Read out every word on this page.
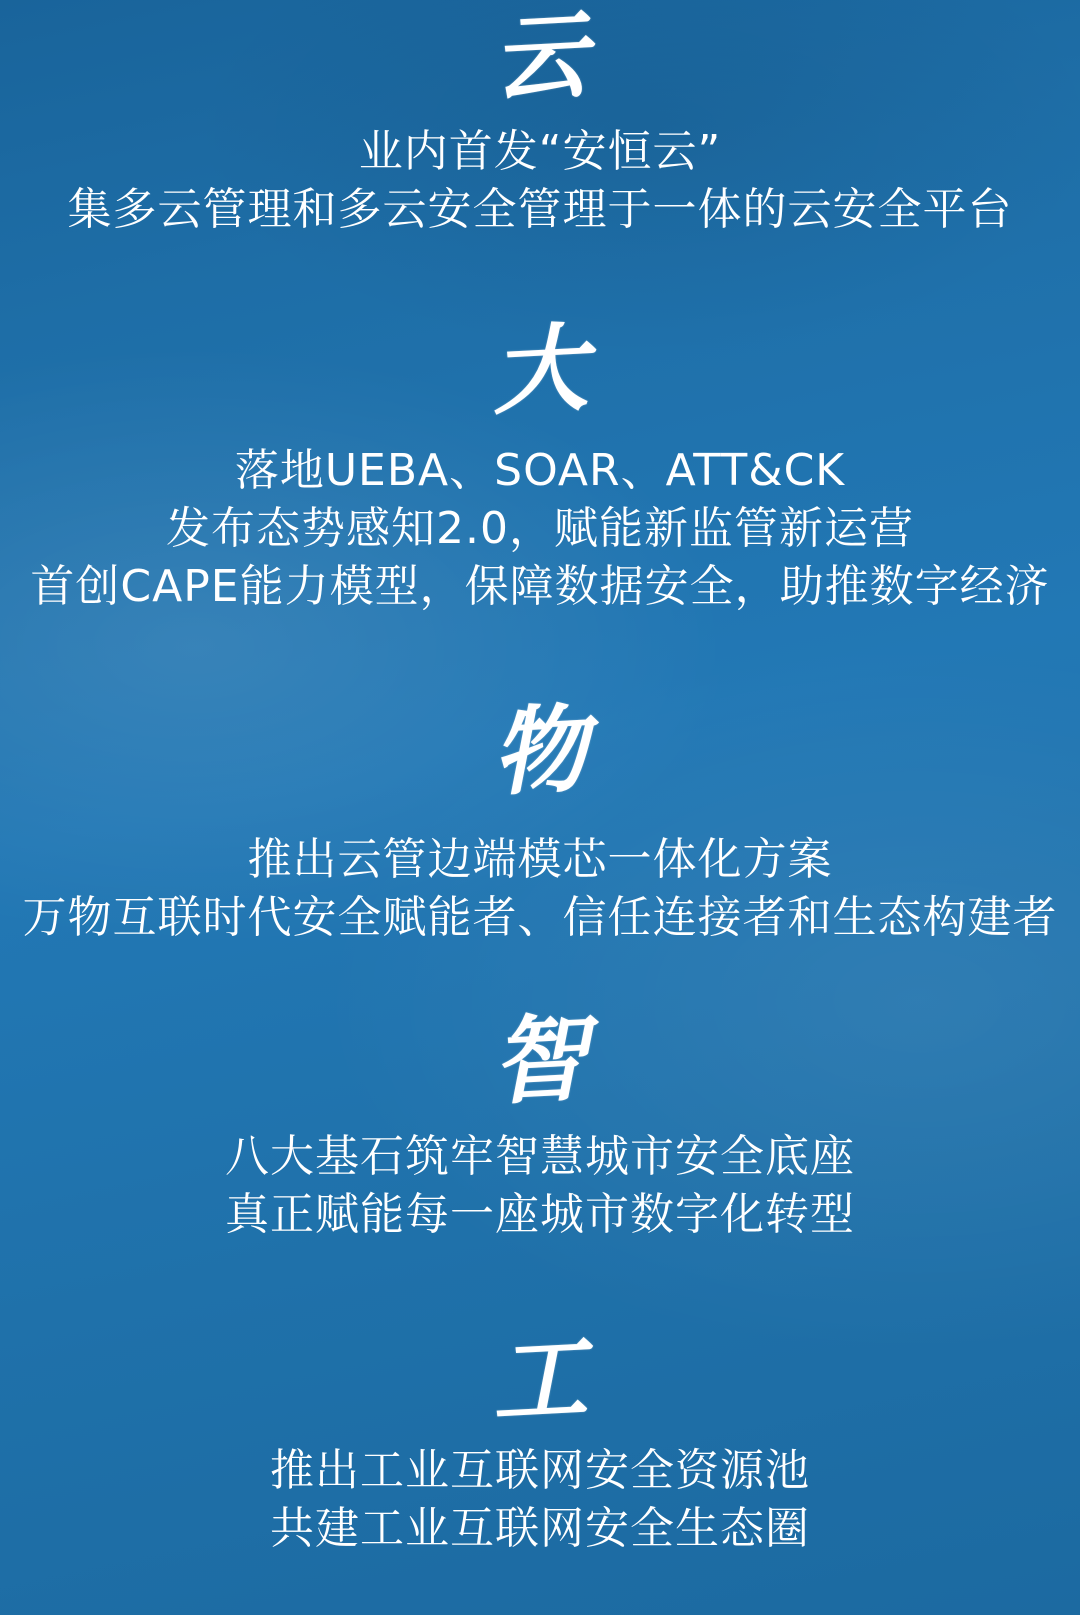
云

业内首发“安恒云”

集多云管理和多云安全管理于一体的云安全平台

大

落地UEBA、SOAR、ATT&CK

发布态势感知2.0，赋能新监管新运营

首创CAPE能力模型，保障数据安全，助推数字经济

物

推出云管边端模芯一体化方案

万物互联时代安全赋能者、信任连接者和生态构建者

智

八大基石筑牢智慧城市安全底座

真正赋能每一座城市数字化转型

工

推出工业互联网安全资源池

共建工业互联网安全生态圈
